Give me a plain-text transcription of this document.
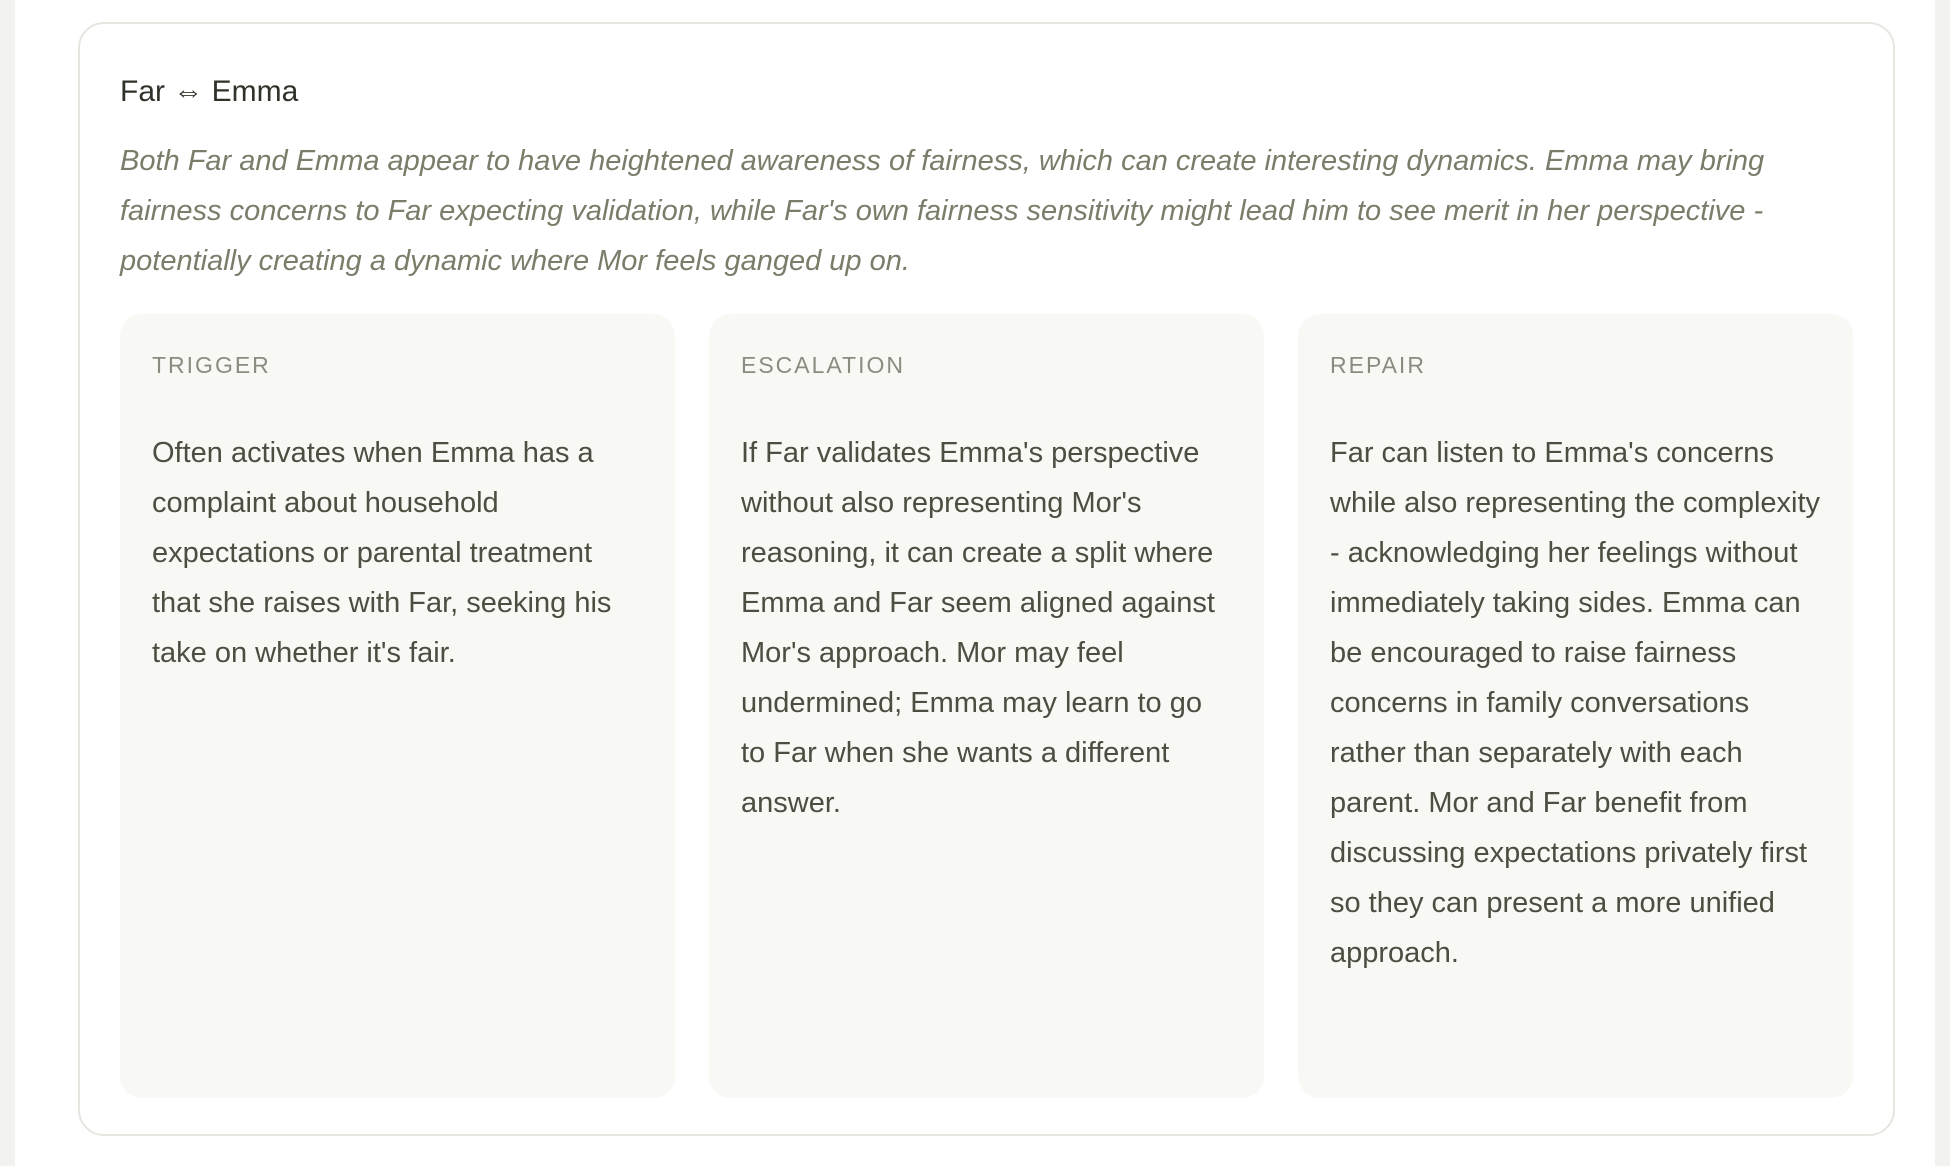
Far ⇔ Emma

Both Far and Emma appear to have heightened awareness of fairness, which can create interesting dynamics. Emma may bring fairness concerns to Far expecting validation, while Far's own fairness sensitivity might lead him to see merit in her perspective - potentially creating a dynamic where Mor feels ganged up on.

TRIGGER

Often activates when Emma has a complaint about household expectations or parental treatment that she raises with Far, seeking his take on whether it's fair.

ESCALATION

If Far validates Emma's perspective without also representing Mor's reasoning, it can create a split where Emma and Far seem aligned against Mor's approach. Mor may feel undermined; Emma may learn to go to Far when she wants a different answer.

REPAIR

Far can listen to Emma's concerns while also representing the complexity - acknowledging her feelings without immediately taking sides. Emma can be encouraged to raise fairness concerns in family conversations rather than separately with each parent. Mor and Far benefit from discussing expectations privately first so they can present a more unified approach.
